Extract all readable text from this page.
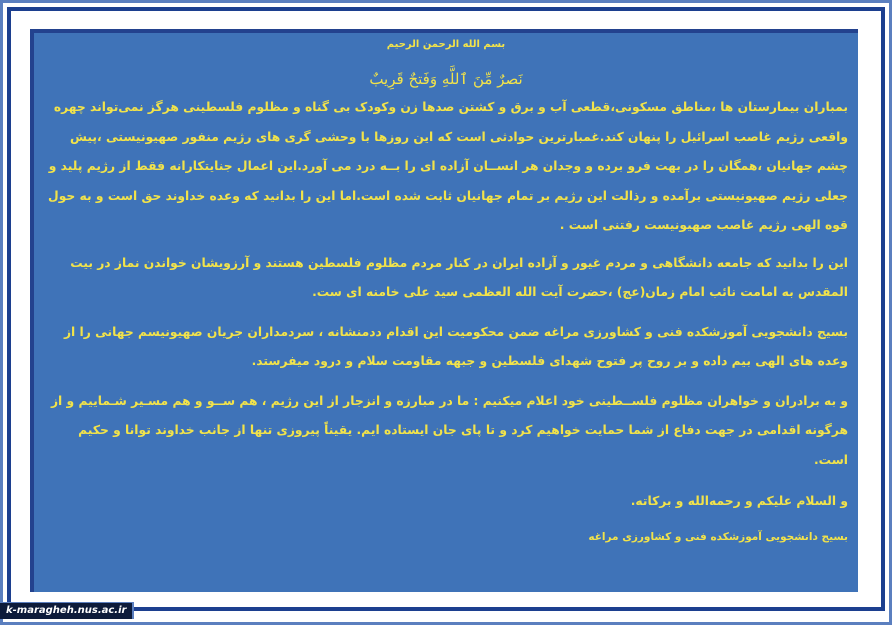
بسم الله الرحمن الرحیم
نَصرٌ مِّنَ ٱللَّهِ وَفَتحٌ قَرِیبٌ

بمباران بیمارستان ها ،مناطق مسکونی،قطعی آب و برق و کشتن صدها زن وکودک بی گناه و مظلوم فلسطینی هرگز نمی‌تواند چهره واقعی رژیم غاصب اسرائیل را پنهان کند.غمبارترین حوادثی است که این روزها با وحشی گری های رژیم منفور صهیونیستی ،پیش چشم جهانیان ،همگان را در بهت فرو برده و وجدان هر انســان آزاده ای را بــه درد می آورد.این اعمال جنایتکارانه فقط از رژیم پلید و جعلی رژیم صهیونیستی برآمده و رذالت این رژیم بر تمام جهانیان ثابت شده است.اما این را بدانید که وعده خداوند حق است و به حول قوه الهی رژیم غاصب صهیونیست رفتنی است .

این را بدانید که جامعه دانشگاهی و مردم غیور و آزاده ایران در کنار مردم مظلوم فلسطین هستند و آرزویشان خواندن نماز در بیت المقدس به امامت نائب امام زمان(عج) ،حضرت آیت الله العظمی سید علی خامنه ای ست.

بسیج دانشجویی آموزشکده فنی و کشاورزی مراغه ضمن محکومیت این اقدام ددمنشانه ، سردمداران جریان صهیونیسم جهانی را از وعده های الهی بیم داده و بر روح پر فتوح شهدای فلسطین و جبهه مقاومت سلام و درود میفرستد.

و به برادران و خواهران مظلوم فلســطینی خود اعلام میکنیم : ما در مبارزه و انزجار از این رژیم ، هم ســو و هم مسـیر شـماییم و از هرگونه اقدامی در جهت دفاع از شما حمایت خواهیم کرد و تا پای جان ایستاده ایم. یقیناً پیروزی تنها از جانب خداوند توانا و حکیم است.

و السلام علیکم و رحمه‌الله و برکاته.

بسیج دانشجویی آموزشکده فنی و کشاورزی مراغه
k-maragheh.nus.ac.ir
